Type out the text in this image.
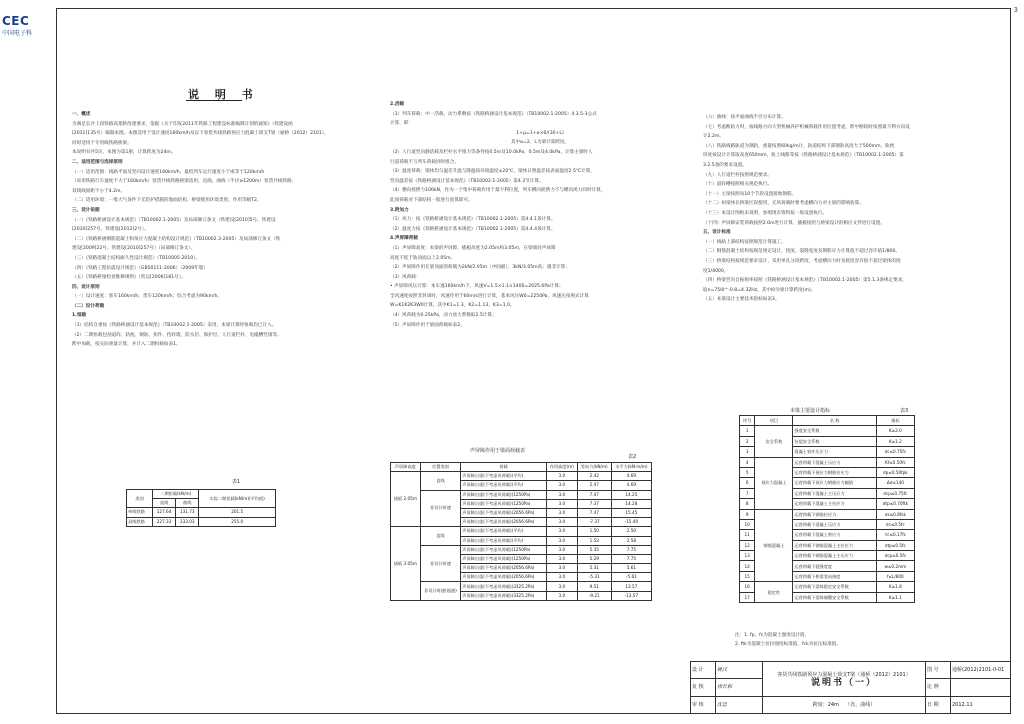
CEC
中国电子科
3
说 明 书
一、概述
为满足长沙上段铁路高架桥改建要求，依据《关于印发2011年铁路工程建设标准编制计划的通知》（铁建设函
[2011]135号）编制本图。本图适用于设计速度160km/h及以下客货共线铁路预应力混凝土简支T梁（通桥（2012）2101），
同时适用于专用线铁路桥梁。
本说明书共5页，本图为第1册，计算跨度为24m。
二、适用范围与选择原则
（一）适用范围：线路平面及竖向设计速度160km/h，最低列车运行速度小于或等于120km/h
（采用铁路行车速度不大于160km/h）客货共线铁路桥梁适用，直线、曲线（半径≥1200m）客货共线铁路，
双线线间距不小于4.2m。
（二）适用环境：一般大气条件下无防护措施的地面结构，桥梁使用环境类别，作用等级T2。
三、设计依据
（一）《铁路桥涵设计基本规范》（TB10002.1-2005）及局部修订条文（铁建设[2010]5号、铁建设
[2010]257号、铁建设[2012]2号）。
（二）《铁路桥涵钢筋混凝土和预应力混凝土结构设计规范》（TB10002.3-2005）及局部修订条文（铁
建设[2009]22号、铁建设[2010]257号）（局部修订条文）。
（三）《铁路混凝土结构耐久性设计规范》（TB10005-2010）。
（四）《铁路工程抗震设计规范》（GB50111-2006）（2009年版）
（五）《铁路桥梁检查维修规则》（铁运[2006]181号）。
四、设计原则
（一）设计速度：客车160km/h，货车120km/h；综合考虑为90km/h。
（二）设计荷载
1.恒载
（1）结构自重按《铁路桥涵设计基本规范》（TB10002.1-2005）采用，本梁计算时恒载均已计入。
（2）二期恒载包括道砟、轨枕、钢轨、扣件、挡砟墙、防水层、保护层、人行道栏杆、电缆槽竖墙等。
跨中加载，按实际重量计算，并计入二期恒载如表1。
表1
类别	二期恒载(kN/m)		实际二期恒载(kN/m)(平均值)
	直线	曲线	
单线铁路	127.64	131.73	201.5
双线铁路	227.33	233.03	255.0
2.活载
（1）列车荷载：中一活载，动力系数按《铁路桥涵设计基本规范》（TB10002.1-2005）4.3.5-3公式
计算，即：
1+μ=1+α×6/(30+L)
其中α=2，L为梁计算跨度。
（2）人行道竖向静活载及栏杆水平推力等条件按0.5m及10.0kPa，0.5m及4.0kPa，计算主梁时人
行道荷载不与列车荷载同时组合。
（3）温度荷载：梁体均匀温差升温与降温按环境温度±20℃，梁体日照温差按表面温度2.5℃计算，
竖向温差按《铁路桥涵设计基本规范》（TB10002.1-2005）第4.3节计算。
（4）横向摇摆力100kN，作为一个集中荷载作用于最不利位置，列车横向摇摆力不与横向风力同时计算，
此项荷载对下部结构一般进行验算即可。
3.附加力
（1）风力：按《铁路桥涵设计基本规范》（TB10002.1-2005）第4.4.1条计算。
（2）温度力按《铁路桥涵设计基本规范》（TB10002.1-2005）第4.4.4条计算。
4.声屏障荷载
（1）声屏障高度：本梁的声屏障，插板高度为2.05m和3.05m，在梁端处声屏障
高度不低于轨顶面以上2.05m。
（2）声屏障作用在梁顶面的荷载为2kN/2.05m（中间板）、3kN/3.05m高；遇非计算；
（3）风荷载：
• 声屏障风压计算：本车速160km/h下，风速V=1.5×1.1×1400=2025.6Pa计算；
全风速度按照非封闭时，风速作用于60m/s进行计算，基本风压W0=2250Pa，风速压按照式计算
W=K1K2K3W0计算，其中K1=1.3，K2=1.13，K3=1.0。
（4）风荷载为0.25kPa，动力放大系数取2.5计算；
（5）声屏障作用于梁面荷载如表2。
声屏障作用于梁面荷载表
表2
声屏障高度	位置类别	荷载	作用高度(m)	竖向力(kN/m)	水平力(kN·m/m)
插板 2.05m	直线	声屏障自重(不考虑风荷载)(平均)	3.0	2.42	4.69
		声屏障自重(不考虑风荷载)(平均)	3.0	2.47	4.69
	非设计时速	声屏障自重(不考虑风荷载)(1250Pa)	3.0	7.47	14.25
		声屏障自重(不考虑风荷载)(1250Pa)	3.0	7.37	14.28
		声屏障自重(不考虑风荷载)(2056.6Pa)	3.0	7.47	15.45
		声屏障自重(不考虑风荷载)(2056.6Pa)	3.0	-7.37	-15.40
插板 3.05m	直线	声屏障自重(不考虑风荷载)(平均)	3.0	1.50	2.50
		声屏障自重(不考虑风荷载)(平均)	3.0	1.53	2.58
	非设计时速	声屏障自重(不考虑风荷载)(1250Pa)	3.0	5.35	7.75
		声屏障自重(不考虑风荷载)(1250Pa)	3.0	5.29	7.75
		声屏障自重(不考虑风荷载)(2056.6Pa)	3.0	5.31	5.61
		声屏障自重(不考虑风荷载)(2056.6Pa)	3.0	-5.31	-5.61
	非设计时速(超速)	声屏障自重(不考虑风荷载)(3325.2Pa)	3.0	9.51	13.57
		声屏障自重(不考虑风荷载)(3325.2Pa)	3.0	-9.21	-13.57
（六）曲线：按平面曲线半径分布计算。
（七）考虑断轨力时，按线路方向大型机械养护机械荷载作用位置考虑，跨中断轨时按照最不利方向设
计2.2m。
（八）铁路线路轨道为钢轨，重量按照60kg/m计，轨道结构下部钢轨高度大于500mm，轨枕
厚度按设计计算取高度650mm，轨上线路等按《铁路桥涵设计基本规范》（TB10002.1-2005）第
3.2.5条的要求设置。
（九）人行道栏杆按照规范要求。
（十）道砟槽按照相关规范执行。
（十一）主梁按照每10个节段设置接地钢筋。
（十二）如梁体在桥梁区段使用，无风荷载时要考虑横向力对主梁的影响验算。
（十三）本设计图纸未说明，参照现有资料按一般设置执行。
（十四）声屏障安装荷载按照2.0m进行计算，插板按照与桥梁设计的相应文件进行设置。
五、设计标准
（一）线路上部结构按照规范计算施工。
（二）钢筋混凝土结构按规范规定设计，挠度、裂缝宽度及钢筋应力计算值不超过容许值1/800。
（三）桥梁结构按规范要求设计，采用单孔分段跨度，考虑横向力时及挠度容许值不超过梁体的挠
度1/4000。
（四）桥梁竖向自振频率按照《铁路桥涵设计基本规范》（TB10002.1-2005）第5.1.3条规定要求，
取n=75l0^-0.8=4.32Hz，其中l0为梁计算跨度(m)。
（五）本梁设计主要技术指标如表3。
本梁主要设计指标	表3
序号	项目	名 称	指标
1	安全系数	强度安全系数	K≥2.0
2		抗裂安全系数	K≥1.2
3		混凝土容许压应力	σc≤0.75fc
4	预应力混凝土	运营荷载下混凝土压应力	Kf≤0.50fc
5		运营荷载下预应力钢筋拉应力	σp≤0.50fpk
6		运营荷载下预应力钢筋应力幅值	Δσ≤140
7		运营荷载下混凝土主压应力	σcp≤0.75fc
8		运营荷载下混凝土主拉应力	σtp≤0.70ftk
9	钢筋混凝土	运营荷载下钢筋拉应力	σs≤0.8fsk
10		运营荷载下混凝土压应力	σc≤0.5fc
11		运营荷载下混凝土剪应力	τc≤0.17fc
12		运营荷载下钢筋混凝土主拉应力	σtp≤0.5fc
13		运营荷载下钢筋混凝土主压应力	σcp≤0.5fc
14		运营荷载下裂缝宽度	w≤0.2mm
15		运营荷载下桥梁竖向挠度	f≤L/800
16	稳定性	运营荷载下梁体稳定安全系数	K≥1.8
17		运营荷载下梁体倾覆安全系数	K≥1.1
注：1. fp、fc为混凝土强度设计值；
2. ftk为混凝土抗拉强度标准值，fck为抗压标准值。
设 计	姚汉	客货共线铁路预应力混凝土简支T梁（通桥（2012）2101）
说明书（一）	图 号	通桥(2012)2101-II-01
复 核	徐长和		比 例	
审 核	沈忠	跨度：24m （直、曲线）	日 期	2012.11
